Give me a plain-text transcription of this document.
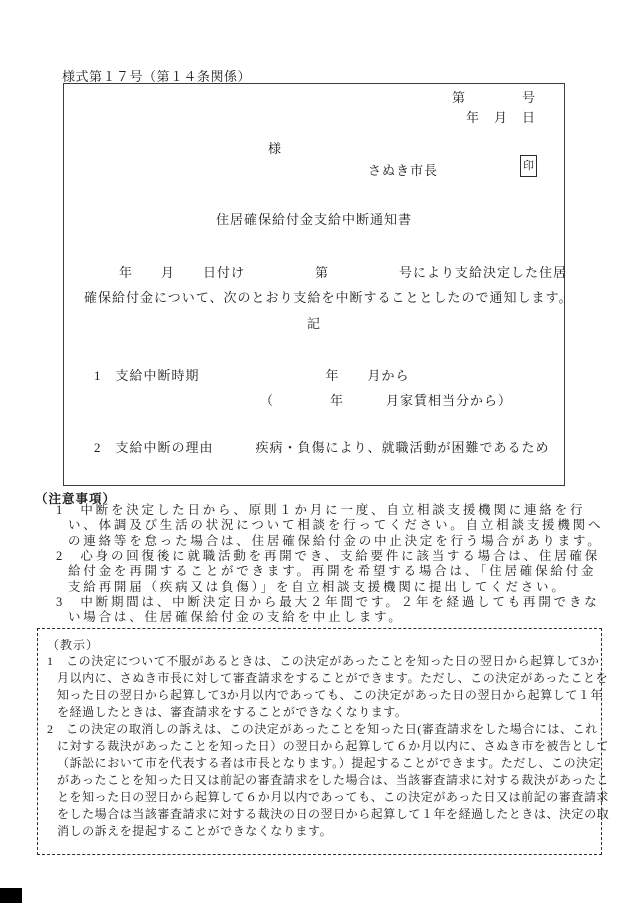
様式第１７号（第１４条関係）
第　　　　号
年　月　日
様
さぬき市長	印
住居確保給付金支給中断通知書
年　　月　　日付け　　　　　第　　　　　号により支給決定した住居
確保給付金について、次のとおり支給を中断することとしたので通知します。
記
1　支給中断時期　　　　　　　　　年　　月から
（　　　　年　　　月家賃相当分から）
2　支給中断の理由　　　疾病・負傷により、就職活動が困難であるため
（注意事項）
1　中断を決定した日から、原則１か月に一度、自立相談支援機関に連絡を行
い、体調及び生活の状況について相談を行ってください。自立相談支援機関へ
の連絡等を怠った場合は、住居確保給付金の中止決定を行う場合があります。
2　心身の回復後に就職活動を再開でき、支給要件に該当する場合は、住居確保
給付金を再開することができます。再開を希望する場合は、「住居確保給付金
支給再開届（疾病又は負傷）」を自立相談支援機関に提出してください。
3　中断期間は、中断決定日から最大２年間です。２年を経過しても再開できな
い場合は、住居確保給付金の支給を中止します。
（教示）
1　この決定について不服があるときは、この決定があったことを知った日の翌日から起算して3か
月以内に、さぬき市長に対して審査請求をすることができます。ただし、この決定があったことを
知った日の翌日から起算して3か月以内であっても、この決定があった日の翌日から起算して１年
を経過したときは、審査請求をすることができなくなります。
2　この決定の取消しの訴えは、この決定があったことを知った日(審査請求をした場合には、これ
に対する裁決があったことを知った日）の翌日から起算して６か月以内に、さぬき市を被告として
（訴訟において市を代表する者は市長となります。）提起することができます。ただし、この決定
があったことを知った日又は前記の審査請求をした場合は、当該審査請求に対する裁決があったこ
とを知った日の翌日から起算して６か月以内であっても、この決定があった日又は前記の審査請求
をした場合は当該審査請求に対する裁決の日の翌日から起算して１年を経過したときは、決定の取
消しの訴えを提起することができなくなります。
